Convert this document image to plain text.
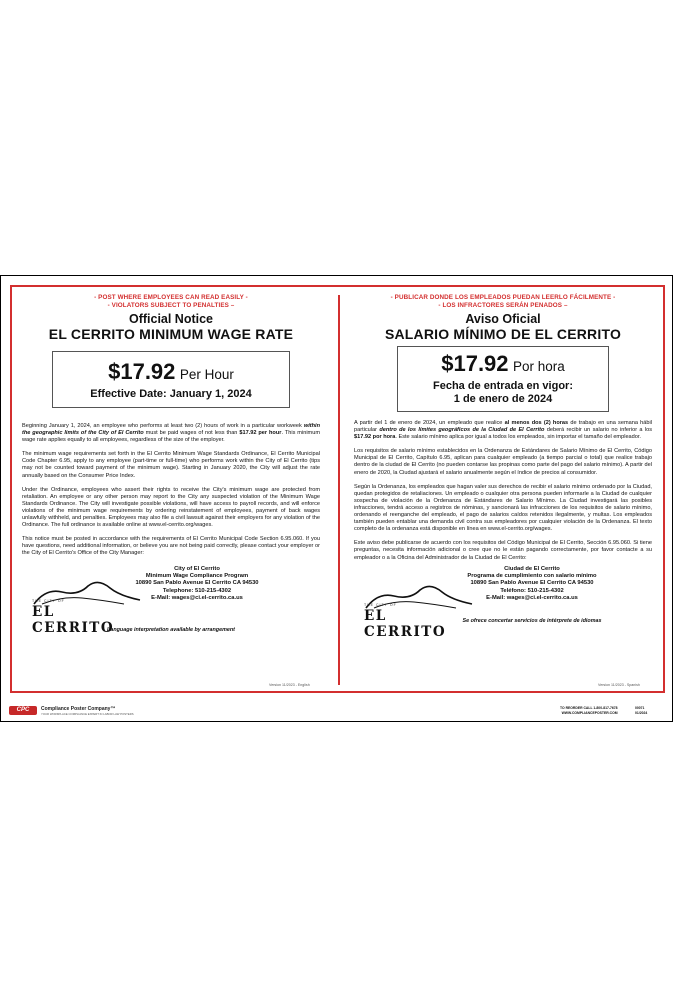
- POST WHERE EMPLOYEES CAN READ EASILY -
- VIOLATORS SUBJECT TO PENALTIES –
Official Notice
EL CERRITO MINIMUM WAGE RATE
$17.92 Per Hour
Effective Date: January 1, 2024
Beginning January 1, 2024, an employee who performs at least two (2) hours of work in a particular workweek within the geographic limits of the City of El Cerrito must be paid wages of not less than $17.92 per hour. This minimum wage rate applies equally to all employees, regardless of the size of the employer.
The minimum wage requirements set forth in the El Cerrito Minimum Wage Standards Ordinance, El Cerrito Municipal Code Chapter 6.95, apply to any employee (part-time or full-time) who performs work within the City of El Cerrito (tips may not be counted toward payment of the minimum wage). Starting in January 2020, the City will adjust the rate annually based on the Consumer Price Index.
Under the Ordinance, employees who assert their rights to receive the City's minimum wage are protected from retaliation. An employee or any other person may report to the City any suspected violation of the Minimum Wage Standards Ordinance. The City will investigate possible violations, will have access to payroll records, and will enforce violations of the minimum wage requirements by ordering reinstatement of employees, payment of back wages unlawfully withheld, and penalties. Employees may also file a civil lawsuit against their employers for any violation of the Ordinance. The full ordinance is available online at www.el-cerrito.org/wages.
This notice must be posted in accordance with the requirements of El Cerrito Municipal Code Section 6.95.060. If you have questions, need additional information, or believe you are not being paid correctly, please contact your employer or the City of El Cerrito's Office of the City Manager:
THE CITY OF
EL CERRITO
City of El Cerrito
Minimum Wage Compliance Program
10890 San Pablo Avenue El Cerrito CA 94530
Telephone: 510-215-4302
E-Mail: wages@ci.el-cerrito.ca.us
Language interpretation available by arrangement
Version 11/2023 - English
- PUBLICAR DONDE LOS EMPLEADOS PUEDAN LEERLO FÁCILMENTE -
- LOS INFRACTORES SERÁN PENADOS –
Aviso Oficial
SALARIO MÍNIMO DE EL CERRITO
$17.92 Por hora
Fecha de entrada en vigor:
1 de enero de 2024
A partir del 1 de enero de 2024, un empleado que realice al menos dos (2) horas de trabajo en una semana hábil particular dentro de los límites geográficos de la Ciudad de El Cerrito deberá recibir un salario no inferior a los $17.92 por hora. Este salario mínimo aplica por igual a todos los empleados, sin importar el tamaño del empleador.
Los requisitos de salario mínimo establecidos en la Ordenanza de Estándares de Salario Mínimo de El Cerrito, Código Municipal de El Cerrito, Capítulo 6.95, aplican para cualquier empleado (a tiempo parcial o total) que realice trabajo dentro de la ciudad de El Cerrito (no pueden contarse las propinas como parte del pago del salario mínimo). A partir del enero de 2020, la Ciudad ajustará el salario anualmente según el índice de precios al consumidor.
Según la Ordenanza, los empleados que hagan valer sus derechos de recibir el salario mínimo ordenado por la Ciudad, quedan protegidos de retaliaciones. Un empleado o cualquier otra persona pueden informarle a la Ciudad de cualquier sospecha de violación de la Ordenanza de Estándares de Salario Mínimo. La Ciudad investigará las posibles infracciones, tendrá acceso a registros de nóminas, y sancionará las infracciones de los requisitos de salario mínimo, ordenando el reenganche del empleado, el pago de salarios caídos retenidos ilegalmente, y multas. Los empleados también pueden entablar una demanda civil contra sus empleadores por cualquier violación de la Ordenanza. El texto completo de la ordenanza está disponible en línea en www.el-cerrito.org/wages.
Este aviso debe publicarse de acuerdo con los requisitos del Código Municipal de El Cerrito, Sección 6.95.060. Si tiene preguntas, necesita información adicional o cree que no le están pagando correctamente, por favor contacte a su empleador o a la Oficina del Administrador de la Ciudad de El Cerrito:
THE CITY OF
EL CERRITO
Ciudad de El Cerrito
Programa de cumplimiento con salario mínimo
10890 San Pablo Avenue El Cerrito CA 94530
Teléfono: 510-215-4302
E-Mail: wages@ci.el-cerrito.ca.us
Se ofrece concertar servicios de intérprete de idiomas
Version 11/2023 - Spanish
CPC	Compliance Poster Company™
YOUR WORKPLACE COMPLIANCE EXPERT IN LABOR LAW POSTERS
TO REORDER CALL 1-800-817-7678
WWW.COMPLIANCEPOSTER.COM
00071
01/2024
